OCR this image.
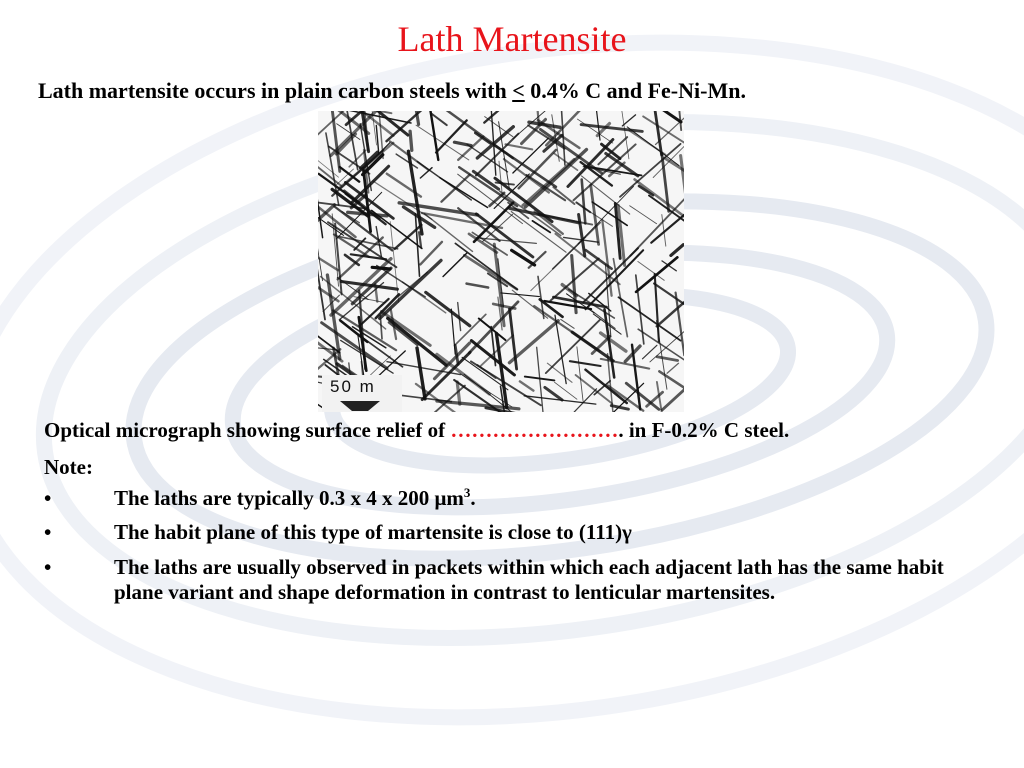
Lath Martensite
Lath martensite occurs in plain carbon steels with ≤ 0.4% C and Fe-Ni-Mn.
50 m

Optical micrograph showing surface relief of ……………………. in F-0.2% C steel.

Note:

•	The laths are typically 0.3 x 4 x 200 $\mu m^3$.
•	The habit plane of this type of martensite is close to (111)γ
•	The laths are usually observed in packets within which each adjacent lath has the same habit plane variant and shape deformation in contrast to lenticular martensites.
